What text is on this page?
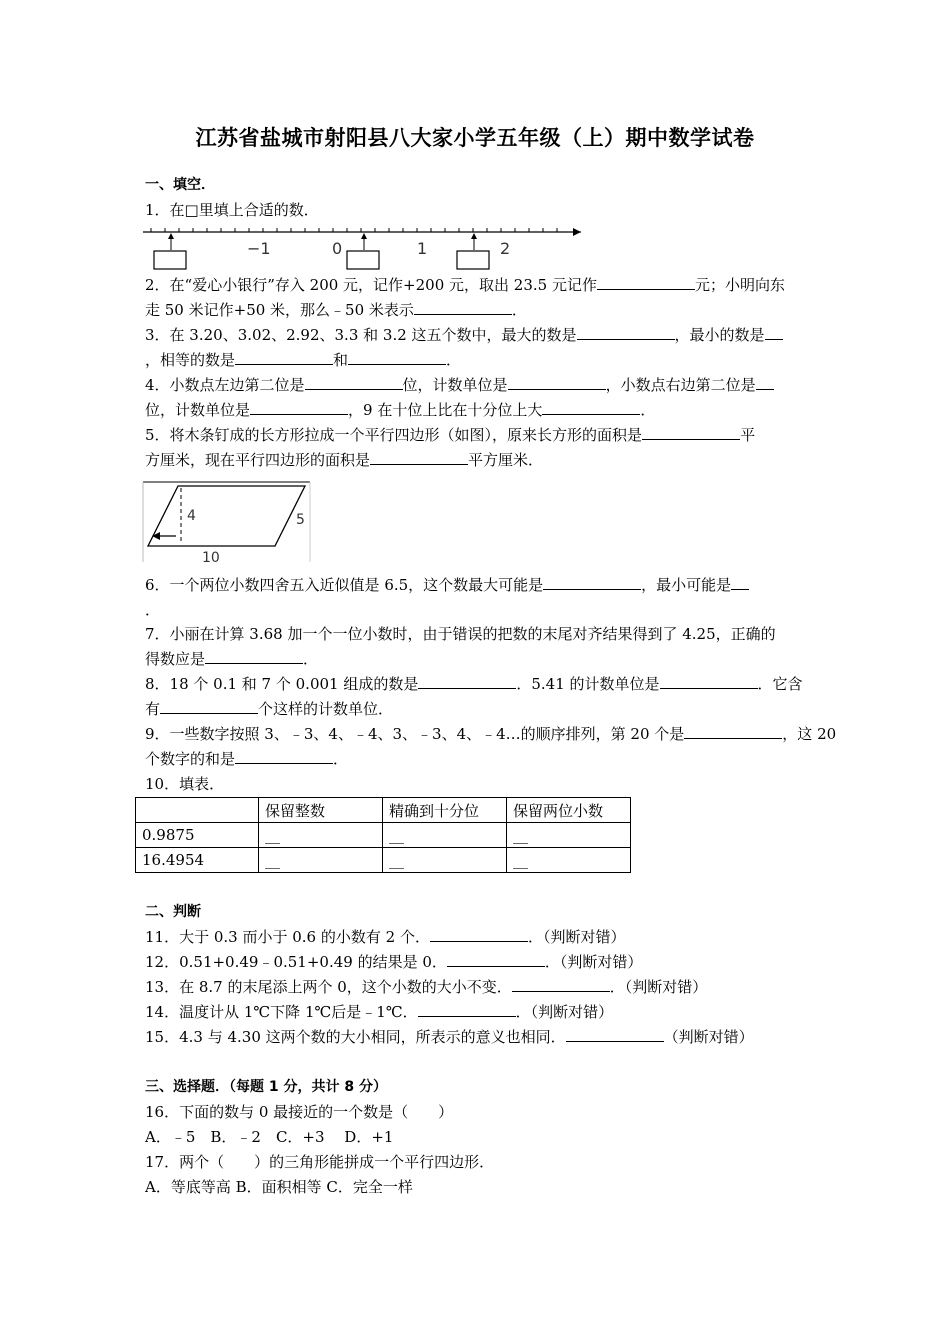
江苏省盐城市射阳县八大家小学五年级（上）期中数学试卷
一、填空．
1．在□里填上合适的数．
−1	0	1	2
2．在“爱心小银行”存入 200 元，记作+200 元，取出 23.5 元记作	元；小明向东
走 50 米记作+50 米，那么﹣50 米表示	．
3．在 3.20、3.02、2.92、3.3 和 3.2 这五个数中，最大的数是	，最小的数是
，相等的数是	和	．
4．小数点左边第二位是	位，计数单位是	，小数点右边第二位是
位，计数单位是	，9 在十位上比在十分位上大	．
5．将木条钉成的长方形拉成一个平行四边形（如图），原来长方形的面积是	平
方厘米，现在平行四边形的面积是	平方厘米．
4	5
10
6．一个两位小数四舍五入近似值是 6.5，这个数最大可能是	，最小可能是
．
7．小丽在计算 3.68 加一个一位小数时，由于错误的把数的末尾对齐结果得到了 4.25，正确的
得数应是	．
8．18 个 0.1 和 7 个 0.001 组成的数是	．5.41 的计数单位是	．它含
有	个这样的计数单位．
9．一些数字按照 3、﹣3、4、﹣4、3、﹣3、4、﹣4…的顺序排列，第 20 个是	，这 20
个数字的和是	．
10．填表．
	保留整数	精确到十分位	保留两位小数
0.9875	__	__	__
16.4954	__	__	__
二、判断
11．大于 0.3 而小于 0.6 的小数有 2 个．	．（判断对错）
12．0.51+0.49﹣0.51+0.49 的结果是 0．	．（判断对错）
13．在 8.7 的末尾添上两个 0，这个小数的大小不变．	．（判断对错）
14．温度计从 1℃下降 1℃后是﹣1℃．	．（判断对错）
15．4.3 与 4.30 这两个数的大小相同，所表示的意义也相同．	（判断对错）
三、选择题．（每题 1 分，共计 8 分）
16．下面的数与 0 最接近的一个数是（　　）
A．﹣5　B．﹣2　C．+3　 D．+1
17．两个（　　）的三角形能拼成一个平行四边形．
A．等底等高 B．面积相等 C．完全一样
